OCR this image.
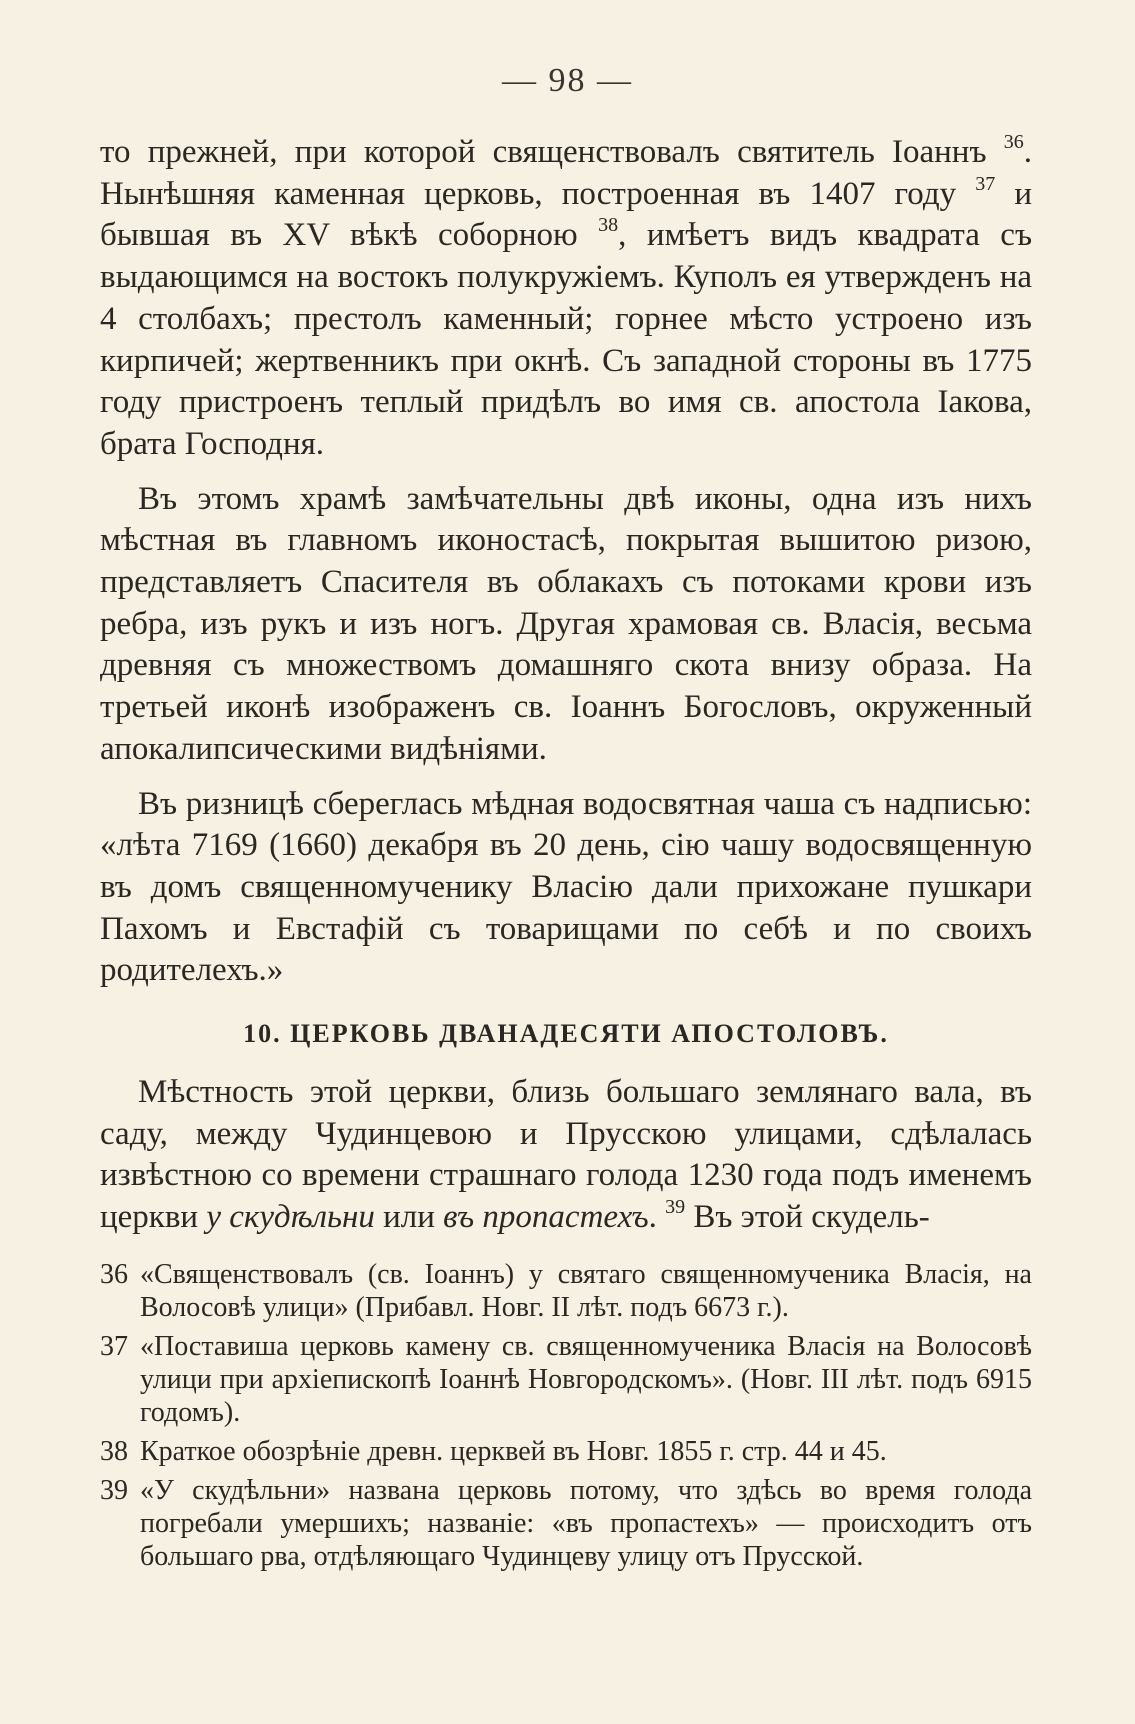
— 98 —

то прежней, при которой священствовалъ святитель Іоаннъ $^{36}$. Нынѣшняя каменная церковь, построенная въ 1407 году $^{37}$ и бывшая въ XV вѣкѣ соборною $^{38}$, имѣетъ видъ квадрата съ выдающимся на востокъ полукружіемъ. Куполъ ея утвержденъ на 4 столбахъ; престолъ каменный; горнее мѣсто устроено изъ кирпичей; жертвенникъ при окнѣ. Съ западной стороны въ 1775 году пристроенъ теплый придѣлъ во имя св. апостола Іакова, брата Господня.

Въ этомъ храмѣ замѣчательны двѣ иконы, одна изъ нихъ мѣстная въ главномъ иконостасѣ, покрытая вышитою ризою, представляетъ Спасителя въ облакахъ съ потоками крови изъ ребра, изъ рукъ и изъ ногъ. Другая храмовая св. Власія, весьма древняя съ множествомъ домашняго скота внизу образа. На третьей иконѣ изображенъ св. Іоаннъ Богословъ, окруженный апокалипсическими видѣніями.

Въ ризницѣ сбереглась мѣдная водосвятная чаша съ надписью: «лѣта 7169 (1660) декабря въ 20 день, сію чашу водосвященную въ домъ священномученику Власію дали прихожане пушкари Пахомъ и Евстафій съ товарищами по себѣ и по своихъ родителехъ.»

10. ЦЕРКОВЬ ДВАНАДЕСЯТИ АПОСТОЛОВЪ.

Мѣстность этой церкви, близь большаго землянаго вала, въ саду, между Чудинцевою и Прусскою улицами, сдѣлалась извѣстною со времени страшнаго голода 1230 года подъ именемъ церкви у скудѣльни или въ пропастехъ. $^{39}$ Въ этой скудель-

36 «Священствовалъ (св. Іоаннъ) у святаго священномученика Власія, на Волосовѣ улици» (Прибавл. Новг. II лѣт. подъ 6673 г.).
37 «Поставиша церковь камену св. священномученика Власія на Волосовѣ улици при архіепископѣ Іоаннѣ Новгородскомъ». (Новг. III лѣт. подъ 6915 годомъ).
38 Краткое обозрѣніе древн. церквей въ Новг. 1855 г. стр. 44 и 45.
39 «У скудѣльни» названа церковь потому, что здѣсь во время голода погребали умершихъ; названіе: «въ пропастехъ» — происходитъ отъ большаго рва, отдѣляющаго Чудинцеву улицу отъ Прусской.
